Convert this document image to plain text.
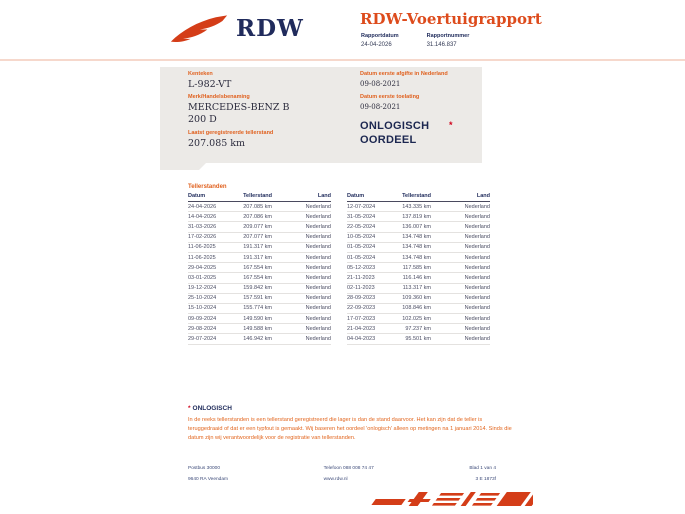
RDW	RDW-Voertuigrapport
Rapportdatum
24-04-2026
Rapportnummer
31.146.837
Kenteken
L-982-VT
Merk/Handelsbenaming
MERCEDES-BENZ B 200 D
Laatst geregistreerde tellerstand
207.085 km
Datum eerste afgifte in Nederland
09-08-2021
Datum eerste toelating
09-08-2021
ONLOGISCH OORDEEL
*
Tellerstanden
Datum	Tellerstand	Land
24-04-2026	207.085 km	Nederland
14-04-2026	207.086 km	Nederland
31-03-2026	209.077 km	Nederland
17-02-2026	207.077 km	Nederland
11-06-2025	191.317 km	Nederland
11-06-2025	191.317 km	Nederland
29-04-2025	167.554 km	Nederland
03-01-2025	167.554 km	Nederland
19-12-2024	159.842 km	Nederland
25-10-2024	157.591 km	Nederland
15-10-2024	155.774 km	Nederland
09-09-2024	149.590 km	Nederland
29-08-2024	149.588 km	Nederland
29-07-2024	146.942 km	Nederland
Datum	Tellerstand	Land
12-07-2024	143.335 km	Nederland
31-05-2024	137.819 km	Nederland
22-05-2024	136.007 km	Nederland
10-05-2024	134.748 km	Nederland
01-05-2024	134.748 km	Nederland
01-05-2024	134.748 km	Nederland
05-12-2023	117.585 km	Nederland
21-11-2023	116.146 km	Nederland
02-11-2023	113.317 km	Nederland
28-09-2023	109.360 km	Nederland
22-09-2023	108.846 km	Nederland
17-07-2023	102.025 km	Nederland
21-04-2023	97.237 km	Nederland
04-04-2023	95.501 km	Nederland
* ONLOGISCH
In de reeks tellerstanden is een tellerstand geregistreerd die lager is dan de stand daarvoor. Het kan zijn dat de teller is teruggedraaid of dat er een typfout is gemaakt. Wij baseren het oordeel 'onlogisch' alleen op metingen na 1 januari 2014. Sinds die datum zijn wij verantwoordelijk voor de registratie van tellerstanden.
Postbus 30000
9640 RA Veendam
Telefoon 088 008 74 47
www.rdw.nl
Blad 1 van 4
3 E 1873f
